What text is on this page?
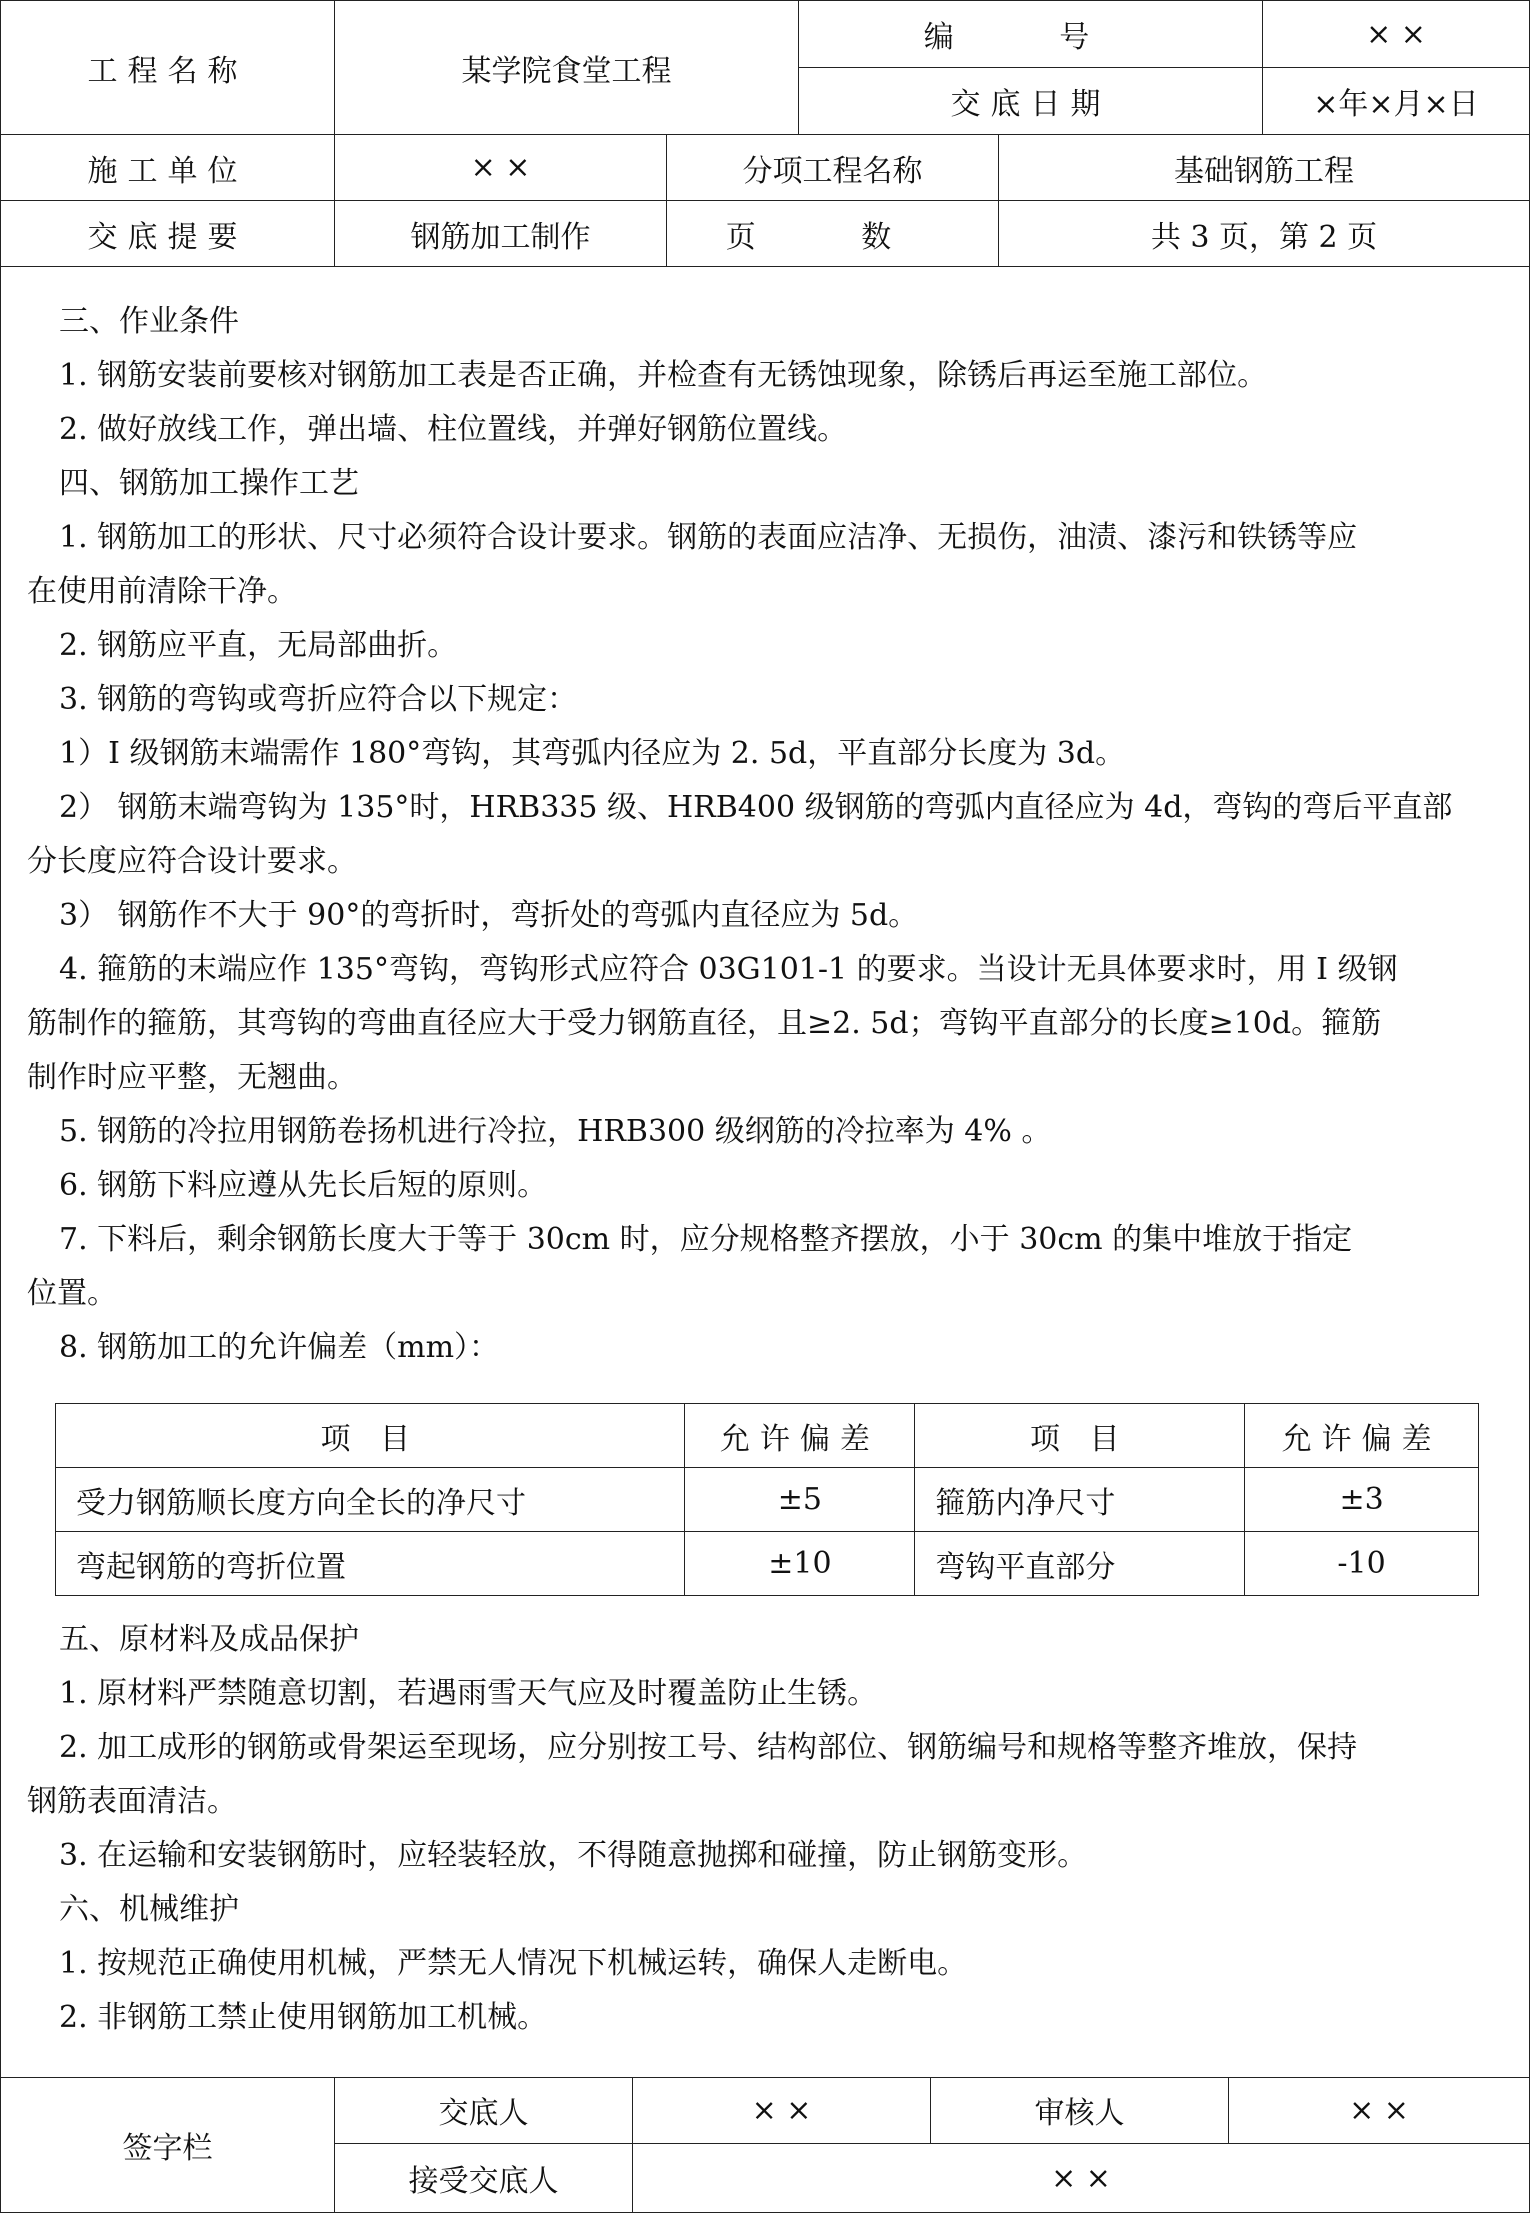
工程名称	某学院食堂工程
编 号	× ×
交底日期	×年×月×日
施工单位	× ×	分项工程名称	基础钢筋工程
交底提要	钢筋加工制作	页 数	共 3 页，第 2 页
三、作业条件
1. 钢筋安装前要核对钢筋加工表是否正确，并检查有无锈蚀现象，除锈后再运至施工部位。
2. 做好放线工作，弹出墙、柱位置线，并弹好钢筋位置线。
四、钢筋加工操作工艺
1. 钢筋加工的形状、尺寸必须符合设计要求。钢筋的表面应洁净、无损伤，油渍、漆污和铁锈等应
在使用前清除干净。
2. 钢筋应平直，无局部曲折。
3. 钢筋的弯钩或弯折应符合以下规定：
1）I 级钢筋末端需作 180°弯钩，其弯弧内径应为 2. 5d，平直部分长度为 3d。
2） 钢筋末端弯钩为 135°时，HRB335 级、HRB400 级钢筋的弯弧内直径应为 4d，弯钩的弯后平直部
分长度应符合设计要求。
3） 钢筋作不大于 90°的弯折时，弯折处的弯弧内直径应为 5d。
4. 箍筋的末端应作 135°弯钩，弯钩形式应符合 03G101-1 的要求。当设计无具体要求时，用 Ⅰ 级钢
筋制作的箍筋，其弯钩的弯曲直径应大于受力钢筋直径，且≥2. 5d；弯钩平直部分的长度≥10d。箍筋
制作时应平整，无翘曲。
5. 钢筋的冷拉用钢筋卷扬机进行冷拉，HRB300 级纲筋的冷拉率为 4% 。
6. 钢筋下料应遵从先长后短的原则。
7. 下料后，剩余钢筋长度大于等于 30cm 时，应分规格整齐摆放，小于 30cm 的集中堆放于指定
位置。
8. 钢筋加工的允许偏差（mm）：
项 目	允许偏差	项 目	允许偏差
受力钢筋顺长度方向全长的净尺寸	±5	箍筋内净尺寸	±3
弯起钢筋的弯折位置	±10	弯钩平直部分	-10
五、原材料及成品保护
1. 原材料严禁随意切割，若遇雨雪天气应及时覆盖防止生锈。
2. 加工成形的钢筋或骨架运至现场，应分别按工号、结构部位、钢筋编号和规格等整齐堆放，保持
钢筋表面清洁。
3. 在运输和安装钢筋时，应轻装轻放，不得随意抛掷和碰撞，防止钢筋变形。
六、机械维护
1. 按规范正确使用机械，严禁无人情况下机械运转，确保人走断电。
2. 非钢筋工禁止使用钢筋加工机械。
签字栏
交底人	× ×	审核人	× ×
接受交底人	× ×
